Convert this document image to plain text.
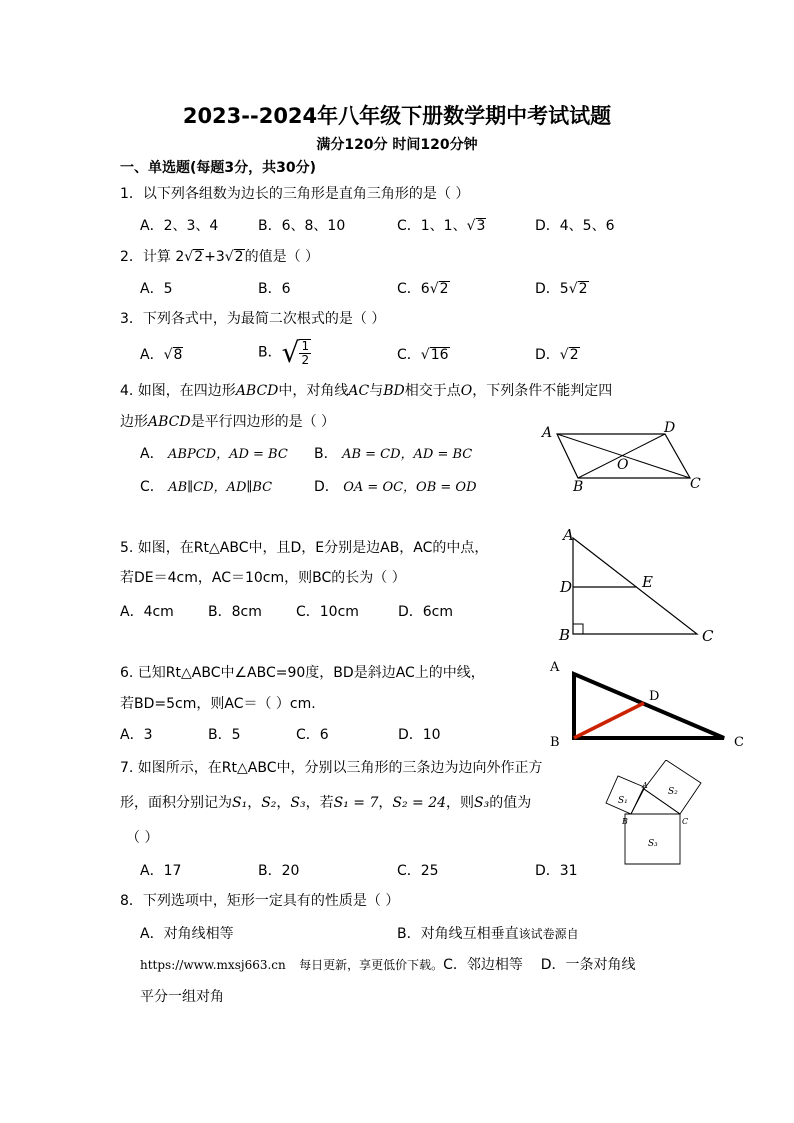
2023--2024年八年级下册数学期中考试试题
满分120分 时间120分钟
一、单选题(每题3分，共30分)
1．以下列各组数为边长的三角形是直角三角形的是（ ）
A．2、3、4	B．6、8、10	C．1、1、√3	D．4、5、6
2．计算 2√2+3√2的值是（ ）
A．5	B．6	C．6√2	D．5√2
3．下列各式中，为最简二次根式的是（ ）
A．√8	B．√ $\frac{1}{2}$	C．√16	D．√2
4. 如图，在四边形ABCD中，对角线AC与BD相交于点O，下列条件不能判定四
边形ABCD是平行四边形的是（ ）
A． ABPCD，AD = BC B． AB = CD，AD = BC
C． AB∥CD，AD∥BC	D． OA = OC，OB = OD
A	D
B	C
O
5. 如图，在Rt△ABC中，且D，E分别是边AB，AC的中点，
若DE＝4cm，AC＝10cm，则BC的长为（ ）
A．4cm B．8cm C．10cm	D．6cm
A
D	E
B	C
6. 已知Rt△ABC中∠ABC=90度，BD是斜边AC上的中线，
若BD=5cm，则AC＝（ ）cm.
A．3	B．5	C．6	D．10
A
D
B	C
7. 如图所示，在Rt△ABC中，分别以三角形的三条边为边向外作正方
形，面积分别记为S₁，S₂，S₃，若S₁ = 7，S₂ = 24，则S₃的值为
（ ）
A．17	B．20	C．25	D．31
S₁
S₂
S₃
A
B	C
8．下列选项中，矩形一定具有的性质是（ ）
A．对角线相等	B．对角线互相垂直该试卷源自
https://www.mxsj663.cn 每日更新，享更低价下载。C．邻边相等 D．一条对角线
平分一组对角
